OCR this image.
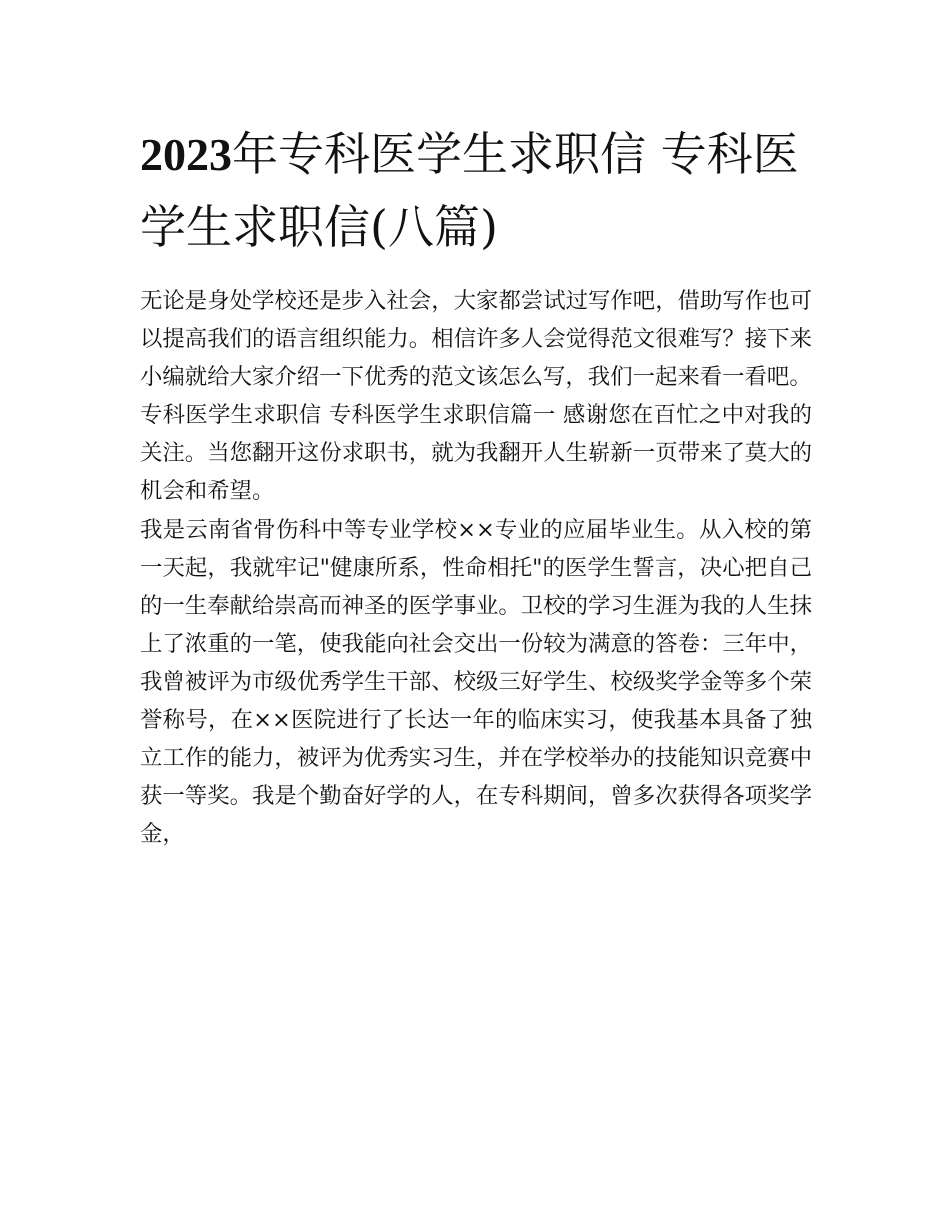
2023年专科医学生求职信 专科医学生求职信(八篇)

无论是身处学校还是步入社会，大家都尝试过写作吧，借助写作也可以提高我们的语言组织能力。相信许多人会觉得范文很难写？接下来小编就给大家介绍一下优秀的范文该怎么写，我们一起来看一看吧。

专科医学生求职信 专科医学生求职信篇一 感谢您在百忙之中对我的关注。当您翻开这份求职书，就为我翻开人生崭新一页带来了莫大的机会和希望。

我是云南省骨伤科中等专业学校××专业的应届毕业生。从入校的第一天起，我就牢记"健康所系，性命相托"的医学生誓言，决心把自己的一生奉献给崇高而神圣的医学事业。卫校的学习生涯为我的人生抹上了浓重的一笔，使我能向社会交出一份较为满意的答卷：三年中，我曾被评为市级优秀学生干部、校级三好学生、校级奖学金等多个荣誉称号，在××医院进行了长达一年的临床实习，使我基本具备了独立工作的能力，被评为优秀实习生，并在学校举办的技能知识竞赛中获一等奖。我是个勤奋好学的人，在专科期间，曾多次获得各项奖学金，
